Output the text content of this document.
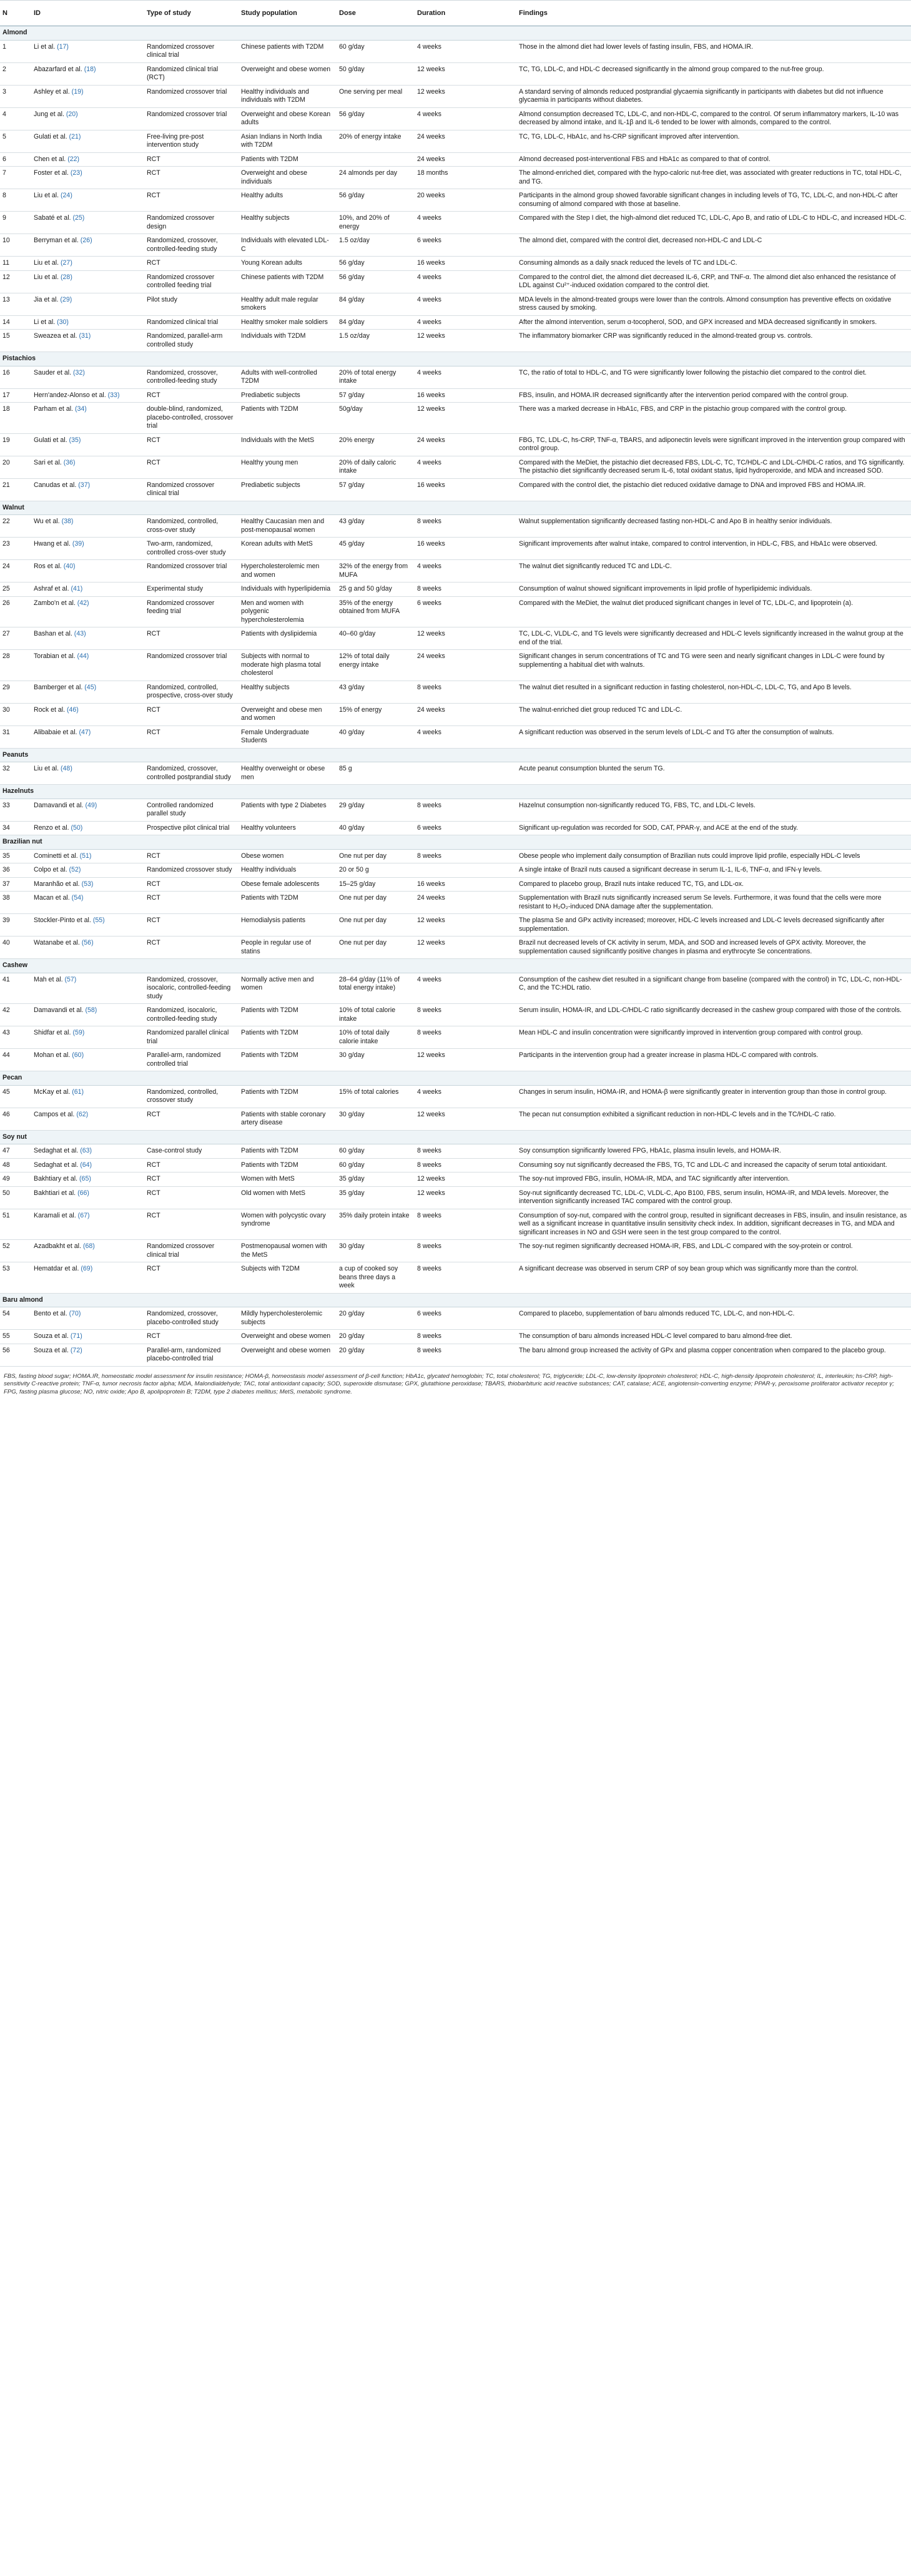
N	ID	Type of study	Study population	Dose	Duration	Findings
Almond						
1	Li et al. (17)	Randomized crossover clinical trial	Chinese patients with T2DM	60 g/day	4 weeks	Those in the almond diet had lower levels of fasting insulin, FBS, and HOMA.IR.
2	Abazarfard et al. (18)	Randomized clinical trial (RCT)	Overweight and obese women	50 g/day	12 weeks	TC, TG, LDL-C, and HDL-C decreased significantly in the almond group compared to the nut-free group.
3	Ashley et al. (19)	Randomized crossover trial	Healthy individuals and individuals with T2DM	One serving per meal	12 weeks	A standard serving of almonds reduced postprandial glycaemia significantly in participants with diabetes but did not influence glycaemia in participants without diabetes.
4	Jung et al. (20)	Randomized crossover trial	Overweight and obese Korean adults	56 g/day	4 weeks	Almond consumption decreased TC, LDL-C, and non-HDL-C, compared to the control. Of serum inflammatory markers, IL-10 was decreased by almond intake, and IL-1β and IL-6 tended to be lower with almonds, compared to the control.
5	Gulati et al. (21)	Free-living pre-post intervention study	Asian Indians in North India with T2DM	20% of energy intake	24 weeks	TC, TG, LDL-C, HbA1c, and hs-CRP significant improved after intervention.
6	Chen et al. (22)	RCT	Patients with T2DM		24 weeks	Almond decreased post-interventional FBS and HbA1c as compared to that of control.
7	Foster et al. (23)	RCT	Overweight and obese individuals	24 almonds per day	18 months	The almond-enriched diet, compared with the hypo-caloric nut-free diet, was associated with greater reductions in TC, total HDL-C, and TG.
8	Liu et al. (24)	RCT	Healthy adults	56 g/day	20 weeks	Participants in the almond group showed favorable significant changes in including levels of TG, TC, LDL-C, and non-HDL-C after consuming of almond compared with those at baseline.
9	Sabaté et al. (25)	Randomized crossover design	Healthy subjects	10%, and 20% of energy	4 weeks	Compared with the Step I diet, the high-almond diet reduced TC, LDL-C, Apo B, and ratio of LDL-C to HDL-C, and increased HDL-C.
10	Berryman et al. (26)	Randomized, crossover, controlled-feeding study	Individuals with elevated LDL-C	1.5 oz/day	6 weeks	The almond diet, compared with the control diet, decreased non-HDL-C and LDL-C
11	Liu et al. (27)	RCT	Young Korean adults	56 g/day	16 weeks	Consuming almonds as a daily snack reduced the levels of TC and LDL-C.
12	Liu et al. (28)	Randomized crossover controlled feeding trial	Chinese patients with T2DM	56 g/day	4 weeks	Compared to the control diet, the almond diet decreased IL-6, CRP, and TNF-α. The almond diet also enhanced the resistance of LDL against Cu²⁺-induced oxidation compared to the control diet.
13	Jia et al. (29)	Pilot study	Healthy adult male regular smokers	84 g/day	4 weeks	MDA levels in the almond-treated groups were lower than the controls. Almond consumption has preventive effects on oxidative stress caused by smoking.
14	Li et al. (30)	Randomized clinical trial	Healthy smoker male soldiers	84 g/day	4 weeks	After the almond intervention, serum α-tocopherol, SOD, and GPX increased and MDA decreased significantly in smokers.
15	Sweazea et al. (31)	Randomized, parallel-arm controlled study	Individuals with T2DM	1.5 oz/day	12 weeks	The inflammatory biomarker CRP was significantly reduced in the almond-treated group vs. controls.
Pistachios						
16	Sauder et al. (32)	Randomized, crossover, controlled-feeding study	Adults with well-controlled T2DM	20% of total energy intake	4 weeks	TC, the ratio of total to HDL-C, and TG were significantly lower following the pistachio diet compared to the control diet.
17	Hern'andez-Alonso et al. (33)	RCT	Prediabetic subjects	57 g/day	16 weeks	FBS, insulin, and HOMA.IR decreased significantly after the intervention period compared with the control group.
18	Parham et al. (34)	double-blind, randomized, placebo-controlled, crossover trial	Patients with T2DM	50g/day	12 weeks	There was a marked decrease in HbA1c, FBS, and CRP in the pistachio group compared with the control group.
19	Gulati et al. (35)	RCT	Individuals with the MetS	20% energy	24 weeks	FBG, TC, LDL-C, hs-CRP, TNF-α, TBARS, and adiponectin levels were significant improved in the intervention group compared with control group.
20	Sari et al. (36)	RCT	Healthy young men	20% of daily caloric intake	4 weeks	Compared with the MeDiet, the pistachio diet decreased FBS, LDL-C, TC, TC/HDL-C and LDL-C/HDL-C ratios, and TG significantly. The pistachio diet significantly decreased serum IL-6, total oxidant status, lipid hydroperoxide, and MDA and increased SOD.
21	Canudas et al. (37)	Randomized crossover clinical trial	Prediabetic subjects	57 g/day	16 weeks	Compared with the control diet, the pistachio diet reduced oxidative damage to DNA and improved FBS and HOMA.IR.
Walnut						
22	Wu et al. (38)	Randomized, controlled, cross-over study	Healthy Caucasian men and post-menopausal women	43 g/day	8 weeks	Walnut supplementation significantly decreased fasting non-HDL-C and Apo B in healthy senior individuals.
23	Hwang et al. (39)	Two-arm, randomized, controlled cross-over study	Korean adults with MetS	45 g/day	16 weeks	Significant improvements after walnut intake, compared to control intervention, in HDL-C, FBS, and HbA1c were observed.
24	Ros et al. (40)	Randomized crossover trial	Hypercholesterolemic men and women	32% of the energy from MUFA	4 weeks	The walnut diet significantly reduced TC and LDL-C.
25	Ashraf et al. (41)	Experimental study	Individuals with hyperlipidemia	25 g and 50 g/day	8 weeks	Consumption of walnut showed significant improvements in lipid profile of hyperlipidemic individuals.
26	Zambo'n et al. (42)	Randomized crossover feeding trial	Men and women with polygenic hypercholesterolemia	35% of the energy obtained from MUFA	6 weeks	Compared with the MeDiet, the walnut diet produced significant changes in level of TC, LDL-C, and lipoprotein (a).
27	Bashan et al. (43)	RCT	Patients with dyslipidemia	40–60 g/day	12 weeks	TC, LDL-C, VLDL-C, and TG levels were significantly decreased and HDL-C levels significantly increased in the walnut group at the end of the trial.
28	Torabian et al. (44)	Randomized crossover trial	Subjects with normal to moderate high plasma total cholesterol	12% of total daily energy intake	24 weeks	Significant changes in serum concentrations of TC and TG were seen and nearly significant changes in LDL-C were found by supplementing a habitual diet with walnuts.
29	Bamberger et al. (45)	Randomized, controlled, prospective, cross-over study	Healthy subjects	43 g/day	8 weeks	The walnut diet resulted in a significant reduction in fasting cholesterol, non-HDL-C, LDL-C, TG, and Apo B levels.
30	Rock et al. (46)	RCT	Overweight and obese men and women	15% of energy	24 weeks	The walnut-enriched diet group reduced TC and LDL-C.
31	Alibabaie et al. (47)	RCT	Female Undergraduate Students	40 g/day	4 weeks	A significant reduction was observed in the serum levels of LDL-C and TG after the consumption of walnuts.
Peanuts						
32	Liu et al. (48)	Randomized, crossover, controlled postprandial study	Healthy overweight or obese men	85 g		Acute peanut consumption blunted the serum TG.
Hazelnuts						
33	Damavandi et al. (49)	Controlled randomized parallel study	Patients with type 2 Diabetes	29 g/day	8 weeks	Hazelnut consumption non-significantly reduced TG, FBS, TC, and LDL-C levels.
34	Renzo et al. (50)	Prospective pilot clinical trial	Healthy volunteers	40 g/day	6 weeks	Significant up-regulation was recorded for SOD, CAT, PPAR-γ, and ACE at the end of the study.
Brazilian nut						
35	Cominetti et al. (51)	RCT	Obese women	One nut per day	8 weeks	Obese people who implement daily consumption of Brazilian nuts could improve lipid profile, especially HDL-C levels
36	Colpo et al. (52)	Randomized crossover study	Healthy individuals	20 or 50 g		A single intake of Brazil nuts caused a significant decrease in serum IL-1, IL-6, TNF-α, and IFN-γ levels.
37	Maranhão et al. (53)	RCT	Obese female adolescents	15–25 g/day	16 weeks	Compared to placebo group, Brazil nuts intake reduced TC, TG, and LDL-ox.
38	Macan et al. (54)	RCT	Patients with T2DM	One nut per day	24 weeks	Supplementation with Brazil nuts significantly increased serum Se levels. Furthermore, it was found that the cells were more resistant to H₂O₂-induced DNA damage after the supplementation.
39	Stockler-Pinto et al. (55)	RCT	Hemodialysis patients	One nut per day	12 weeks	The plasma Se and GPx activity increased; moreover, HDL-C levels increased and LDL-C levels decreased significantly after supplementation.
40	Watanabe et al. (56)	RCT	People in regular use of statins	One nut per day	12 weeks	Brazil nut decreased levels of CK activity in serum, MDA, and SOD and increased levels of GPX activity. Moreover, the supplementation caused significantly positive changes in plasma and erythrocyte Se concentrations.
Cashew						
41	Mah et al. (57)	Randomized, crossover, isocaloric, controlled-feeding study	Normally active men and women	28–64 g/day (11% of total energy intake)	4 weeks	Consumption of the cashew diet resulted in a significant change from baseline (compared with the control) in TC, LDL-C, non-HDL-C, and the TC:HDL ratio.
42	Damavandi et al. (58)	Randomized, isocaloric, controlled-feeding study	Patients with T2DM	10% of total calorie intake	8 weeks	Serum insulin, HOMA-IR, and LDL-C/HDL-C ratio significantly decreased in the cashew group compared with those of the controls.
43	Shidfar et al. (59)	Randomized parallel clinical trial	Patients with T2DM	10% of total daily calorie intake	8 weeks	Mean HDL-C and insulin concentration were significantly improved in intervention group compared with control group.
44	Mohan et al. (60)	Parallel-arm, randomized controlled trial	Patients with T2DM	30 g/day	12 weeks	Participants in the intervention group had a greater increase in plasma HDL-C compared with controls.
Pecan						
45	McKay et al. (61)	Randomized, controlled, crossover study	Patients with T2DM	15% of total calories	4 weeks	Changes in serum insulin, HOMA-IR, and HOMA-β were significantly greater in intervention group than those in control group.
46	Campos et al. (62)	RCT	Patients with stable coronary artery disease	30 g/day	12 weeks	The pecan nut consumption exhibited a significant reduction in non-HDL-C levels and in the TC/HDL-C ratio.
Soy nut						
47	Sedaghat et al. (63)	Case-control study	Patients with T2DM	60 g/day	8 weeks	Soy consumption significantly lowered FPG, HbA1c, plasma insulin levels, and HOMA-IR.
48	Sedaghat et al. (64)	RCT	Patients with T2DM	60 g/day	8 weeks	Consuming soy nut significantly decreased the FBS, TG, TC and LDL-C and increased the capacity of serum total antioxidant.
49	Bakhtiary et al. (65)	RCT	Women with MetS	35 g/day	12 weeks	The soy-nut improved FBG, insulin, HOMA-IR, MDA, and TAC significantly after intervention.
50	Bakhtiari et al. (66)	RCT	Old women with MetS	35 g/day	12 weeks	Soy-nut significantly decreased TC, LDL-C, VLDL-C, Apo B100, FBS, serum insulin, HOMA-IR, and MDA levels. Moreover, the intervention significantly increased TAC compared with the control group.
51	Karamali et al. (67)	RCT	Women with polycystic ovary syndrome	35% daily protein intake	8 weeks	Consumption of soy-nut, compared with the control group, resulted in significant decreases in FBS, insulin, and insulin resistance, as well as a significant increase in quantitative insulin sensitivity check index. In addition, significant decreases in TG, and MDA and significant increases in NO and GSH were seen in the test group compared to the control.
52	Azadbakht et al. (68)	Randomized crossover clinical trial	Postmenopausal women with the MetS	30 g/day	8 weeks	The soy-nut regimen significantly decreased HOMA-IR, FBS, and LDL-C compared with the soy-protein or control.
53	Hematdar et al. (69)	RCT	Subjects with T2DM	a cup of cooked soy beans three days a week	8 weeks	A significant decrease was observed in serum CRP of soy bean group which was significantly more than the control.
Baru almond						
54	Bento et al. (70)	Randomized, crossover, placebo-controlled study	Mildly hypercholesterolemic subjects	20 g/day	6 weeks	Compared to placebo, supplementation of baru almonds reduced TC, LDL-C, and non-HDL-C.
55	Souza et al. (71)	RCT	Overweight and obese women	20 g/day	8 weeks	The consumption of baru almonds increased HDL-C level compared to baru almond-free diet.
56	Souza et al. (72)	Parallel-arm, randomized placebo-controlled trial	Overweight and obese women	20 g/day	8 weeks	The baru almond group increased the activity of GPx and plasma copper concentration when compared to the placebo group.
FBS, fasting blood sugar; HOMA.IR, homeostatic model assessment for insulin resistance; HOMA-β, homeostasis model assessment of β-cell function; HbA1c, glycated hemoglobin; TC, total cholesterol; TG, triglyceride; LDL-C, low-density lipoprotein cholesterol; HDL-C, high-density lipoprotein cholesterol; IL, interleukin; hs-CRP, high-sensitivity C-reactive protein; TNF-α, tumor necrosis factor alpha; MDA, Malondialdehyde; TAC, total antioxidant capacity; SOD, superoxide dismutase; GPX, glutathione peroxidase; TBARS, thiobarbituric acid reactive substances; CAT, catalase; ACE, angiotensin-converting enzyme; PPAR-γ, peroxisome proliferator activator receptor γ; FPG, fasting plasma glucose; NO, nitric oxide; Apo B, apolipoprotein B; T2DM, type 2 diabetes mellitus; MetS, metabolic syndrome.
